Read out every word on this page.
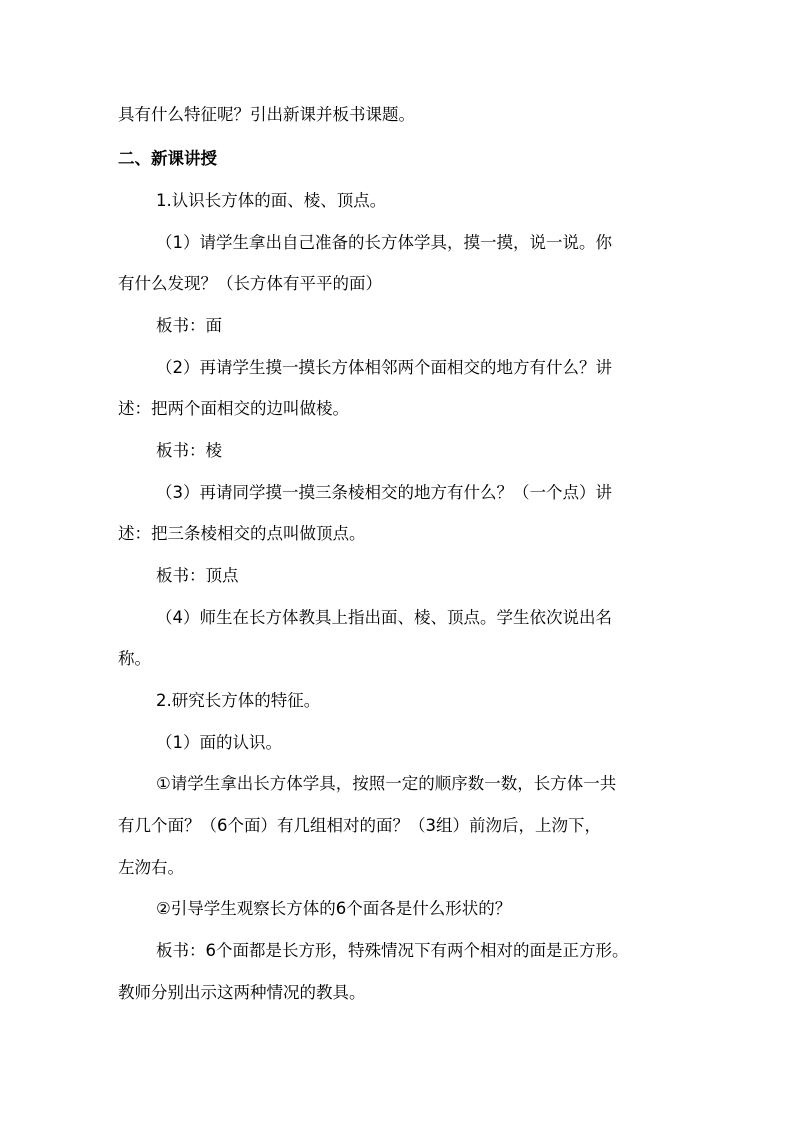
具有什么特征呢？引出新课并板书课题。
二、新课讲授
1.认识长方体的面、棱、顶点。
（1）请学生拿出自己准备的长方体学具，摸一摸，说一说。你
有什么发现？（长方体有平平的面）
板书：面
（2）再请学生摸一摸长方体相邻两个面相交的地方有什么？讲
述：把两个面相交的边叫做棱。
板书：棱
（3）再请同学摸一摸三条棱相交的地方有什么？（一个点）讲
述：把三条棱相交的点叫做顶点。
板书：顶点
（4）师生在长方体教具上指出面、棱、顶点。学生依次说出名
称。
2.研究长方体的特征。
（1）面的认识。
①请学生拿出长方体学具，按照一定的顺序数一数，长方体一共
有几个面？（6个面）有几组相对的面？（3组）前沕后，上沕下，
左沕右。
②引导学生观察长方体的6个面各是什么形状的？
板书：6个面都是长方形，特殊情况下有两个相对的面是正方形。
教师分别出示这两种情况的教具。
